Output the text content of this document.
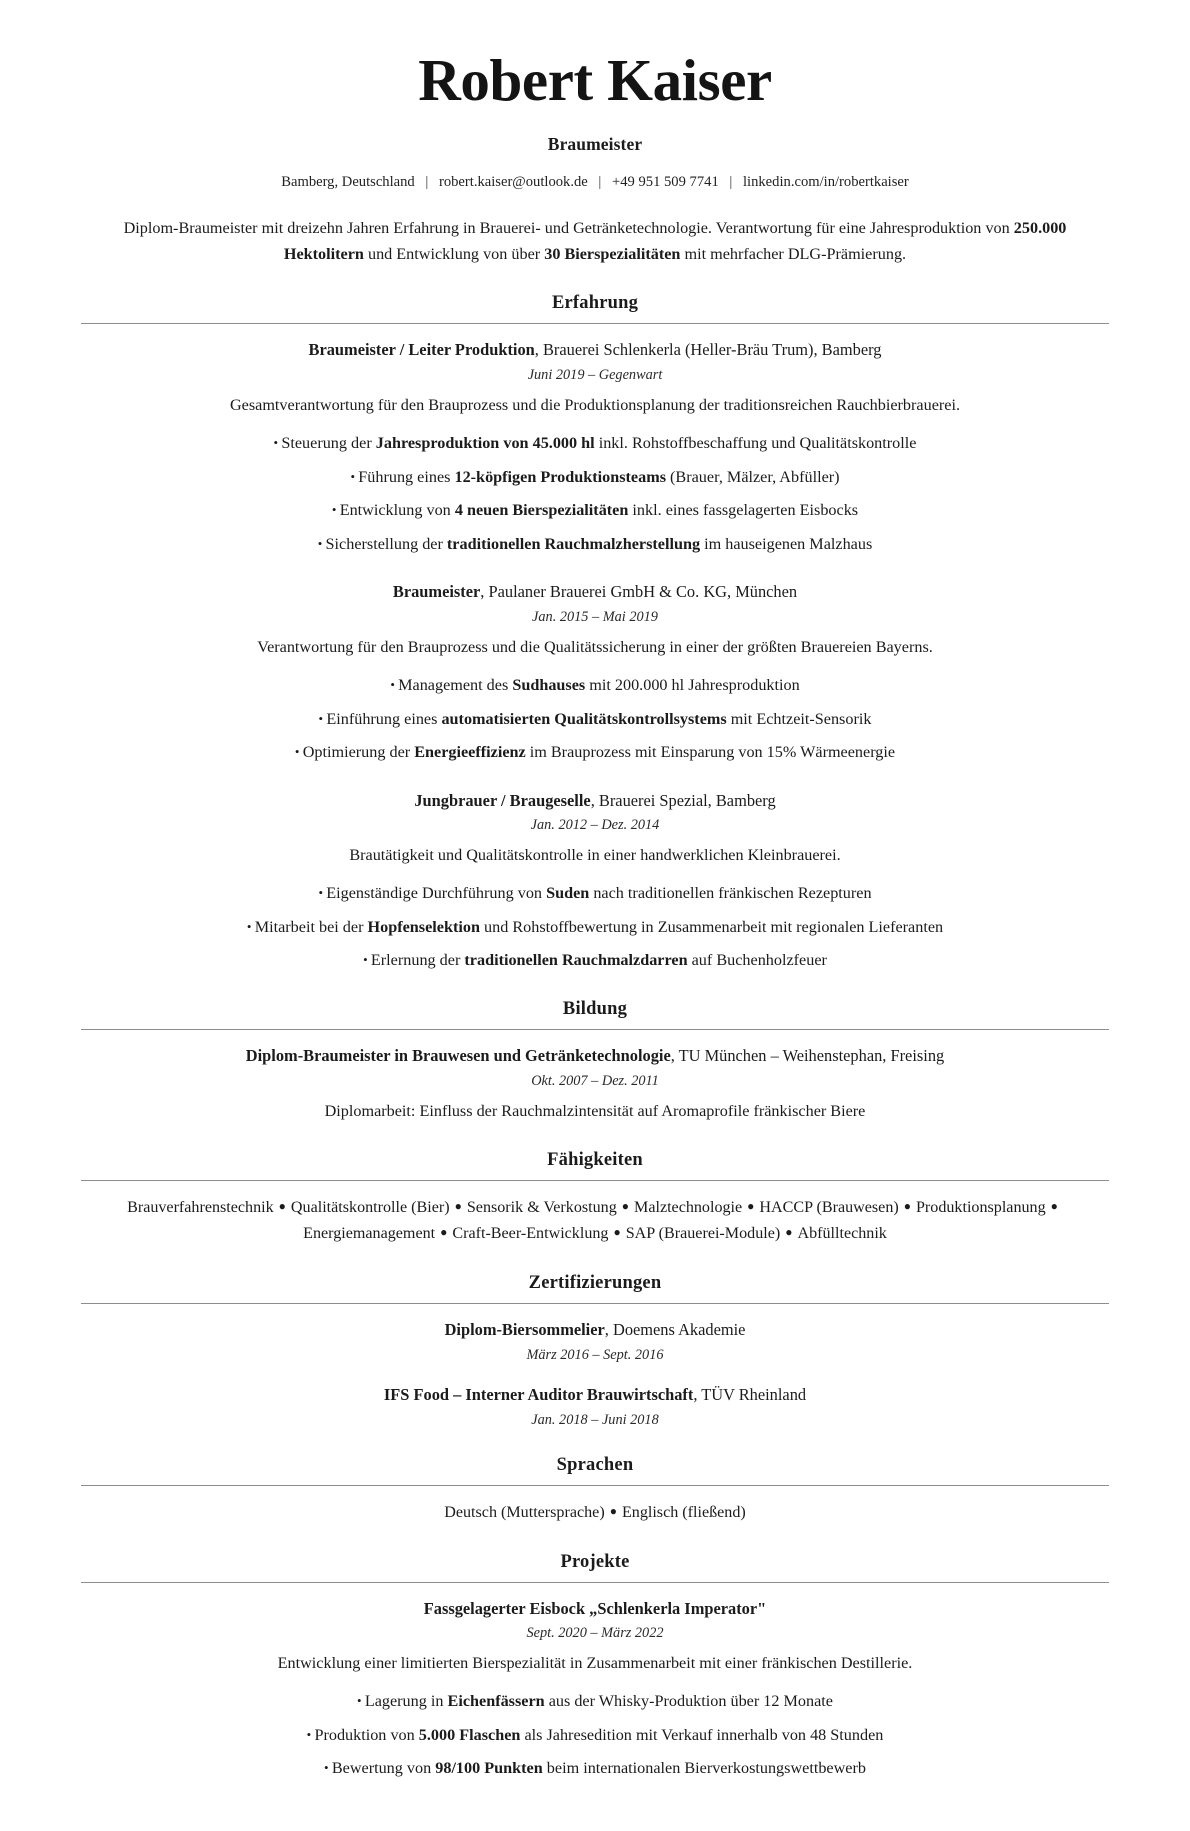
Robert Kaiser
Braumeister
Bamberg, Deutschland | robert.kaiser@outlook.de | +49 951 509 7741 | linkedin.com/in/robertkaiser
Diplom-Braumeister mit dreizehn Jahren Erfahrung in Brauerei- und Getränketechnologie. Verantwortung für eine Jahresproduktion von 250.000 Hektolitern und Entwicklung von über 30 Bierspezialitäten mit mehrfacher DLG-Prämierung.
Erfahrung
Braumeister / Leiter Produktion, Brauerei Schlenkerla (Heller-Bräu Trum), Bamberg
Juni 2019 – Gegenwart
Gesamtverantwortung für den Brauprozess und die Produktionsplanung der traditionsreichen Rauchbierbrauerei.
• Steuerung der Jahresproduktion von 45.000 hl inkl. Rohstoffbeschaffung und Qualitätskontrolle
• Führung eines 12-köpfigen Produktionsteams (Brauer, Mälzer, Abfüller)
• Entwicklung von 4 neuen Bierspezialitäten inkl. eines fassgelagerten Eisbocks
• Sicherstellung der traditionellen Rauchmalzherstellung im hauseigenen Malzhaus
Braumeister, Paulaner Brauerei GmbH & Co. KG, München
Jan. 2015 – Mai 2019
Verantwortung für den Brauprozess und die Qualitätssicherung in einer der größten Brauereien Bayerns.
• Management des Sudhauses mit 200.000 hl Jahresproduktion
• Einführung eines automatisierten Qualitätskontrollsystems mit Echtzeit-Sensorik
• Optimierung der Energieeffizienz im Brauprozess mit Einsparung von 15% Wärmeenergie
Jungbrauer / Braugeselle, Brauerei Spezial, Bamberg
Jan. 2012 – Dez. 2014
Brautätigkeit und Qualitätskontrolle in einer handwerklichen Kleinbrauerei.
• Eigenständige Durchführung von Suden nach traditionellen fränkischen Rezepturen
• Mitarbeit bei der Hopfenselektion und Rohstoffbewertung in Zusammenarbeit mit regionalen Lieferanten
• Erlernung der traditionellen Rauchmalzdarren auf Buchenholzfeuer
Bildung
Diplom-Braumeister in Brauwesen und Getränketechnologie, TU München – Weihenstephan, Freising
Okt. 2007 – Dez. 2011
Diplomarbeit: Einfluss der Rauchmalzintensität auf Aromaprofile fränkischer Biere
Fähigkeiten
Brauverfahrenstechnik ● Qualitätskontrolle (Bier) ● Sensorik & Verkostung ● Malztechnologie ● HACCP (Brauwesen) ● Produktionsplanung ●Energiemanagement ● Craft-Beer-Entwicklung ● SAP (Brauerei-Module) ● Abfülltechnik
Zertifizierungen
Diplom-Biersommelier, Doemens Akademie
März 2016 – Sept. 2016
IFS Food – Interner Auditor Brauwirtschaft, TÜV Rheinland
Jan. 2018 – Juni 2018
Sprachen
Deutsch (Muttersprache) ● Englisch (fließend)
Projekte
Fassgelagerter Eisbock „Schlenkerla Imperator"
Sept. 2020 – März 2022
Entwicklung einer limitierten Bierspezialität in Zusammenarbeit mit einer fränkischen Destillerie.
• Lagerung in Eichenfässern aus der Whisky-Produktion über 12 Monate
• Produktion von 5.000 Flaschen als Jahresedition mit Verkauf innerhalb von 48 Stunden
• Bewertung von 98/100 Punkten beim internationalen Bierverkostungswettbewerb
